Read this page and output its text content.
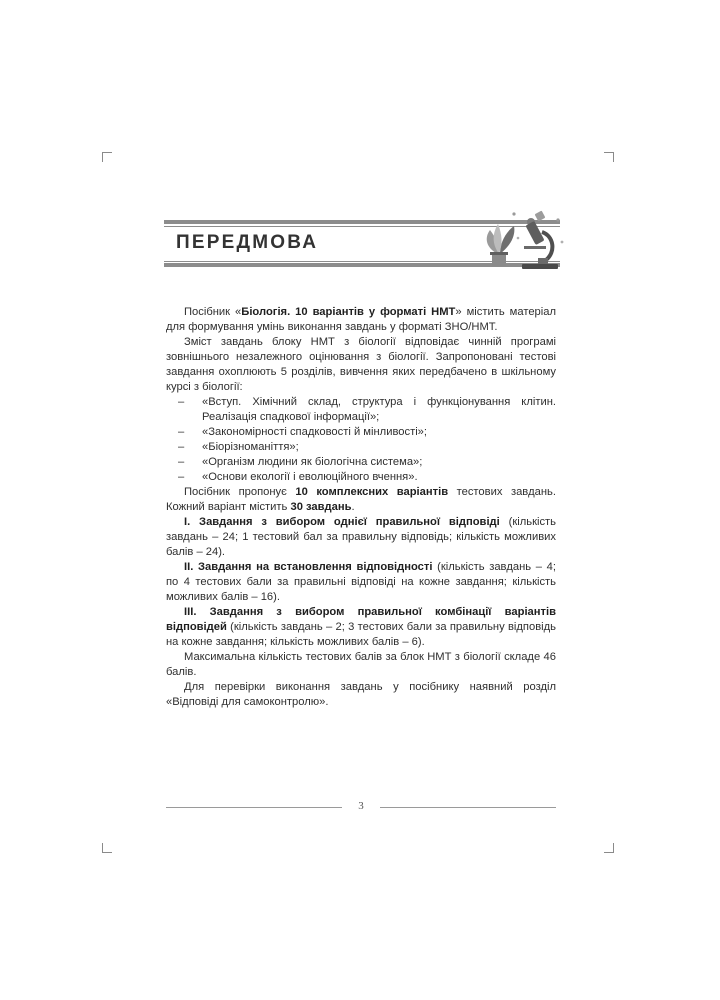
ПЕРЕДМОВА

Посібник «Біологія. 10 варіантів у форматі НМТ» містить матеріал для формування умінь виконання завдань у форматі ЗНО/НМТ.

Зміст завдань блоку НМТ з біології відповідає чинній програмі зовнішнього незалежного оцінювання з біології. Запропоновані тестові завдання охоплюють 5 розділів, вивчення яких передбачено в шкільному курсі з біології:

– «Вступ. Хімічний склад, структура і функціонування клітин. Реалізація спадкової інформації»;
– «Закономірності спадковості й мінливості»;
– «Біорізноманіття»;
– «Організм людини як біологічна система»;
– «Основи екології і еволюційного вчення».

Посібник пропонує 10 комплексних варіантів тестових завдань. Кожний варіант містить 30 завдань.

І. Завдання з вибором однієї правильної відповіді (кількість завдань – 24; 1 тестовий бал за правильну відповідь; кількість можливих балів – 24).

ІІ. Завдання на встановлення відповідності (кількість завдань – 4; по 4 тестових бали за правильні відповіді на кожне завдання; кількість можливих балів – 16).

ІІІ. Завдання з вибором правильної комбінації варіантів відповідей (кількість завдань – 2; 3 тестових бали за правильну відповідь на кожне завдання; кількість можливих балів – 6).

Максимальна кількість тестових балів за блок НМТ з біології складе 46 балів.

Для перевірки виконання завдань у посібнику наявний розділ «Відповіді для самоконтролю».

3
